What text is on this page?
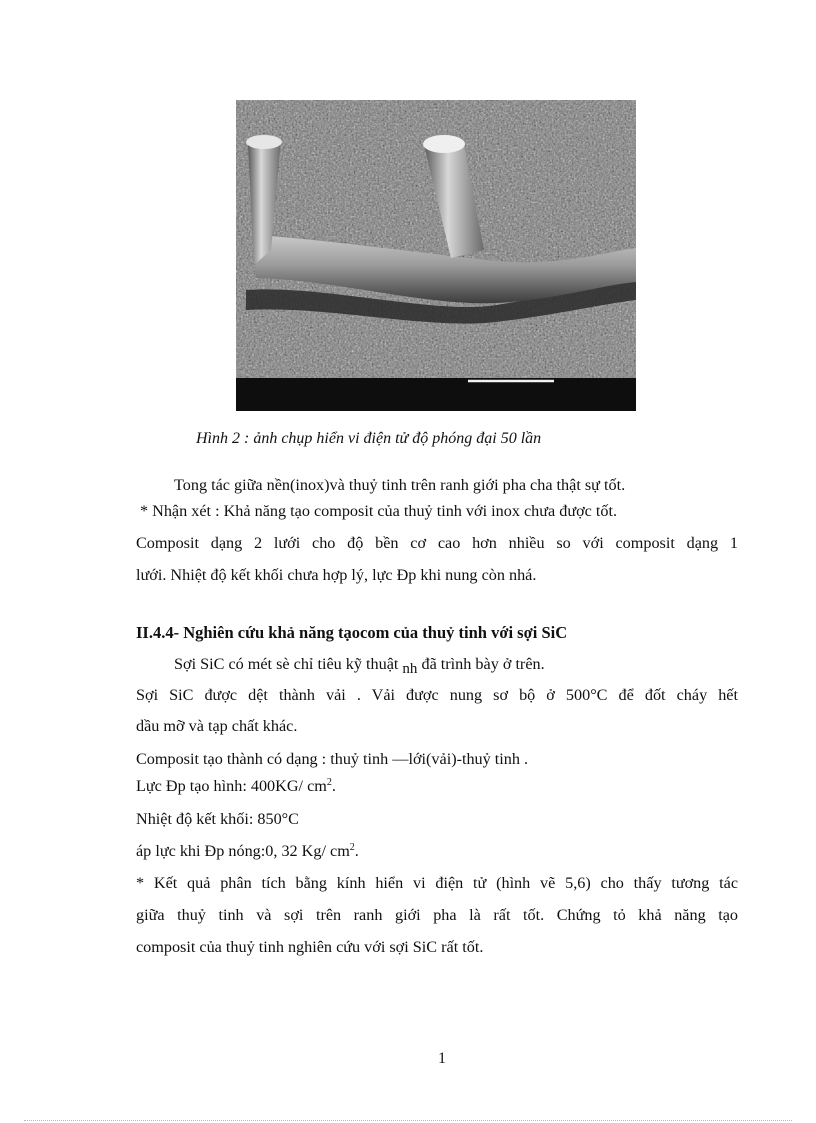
Hình 2 : ảnh chụp hiển vi điện tử độ phóng đại 50 lần
Tong tác giữa nền(inox)và thuỷ tinh trên ranh giới pha cha thật sự tốt.
* Nhận xét : Khả năng tạo composit của thuỷ tinh với inox chưa được tốt.
Composit dạng 2 lưới cho độ bền cơ cao hơn nhiều so với composit dạng 1
lưới. Nhiệt độ kết khối chưa hợp lý, lực Ðp khi nung còn nhá.
II.4.4- Nghiên cứu khả năng tạocom của thuỷ tinh với sợi SiC
Sợi SiC có mét sè chỉ tiêu kỹ thuật nh đã trình bày ở trên.
Sợi SiC được dệt thành vải . Vải được nung sơ bộ ở 500°C để đốt cháy hết
dầu mỡ và tạp chất khác.
Composit tạo thành có dạng : thuỷ tinh —lới(vải)-thuỷ tinh .
Lực Ðp tạo hình: 400KG/ $cm^2$.
Nhiệt độ kết khối: 850°C
áp lực khi Ðp nóng:0, 32 Kg/ $cm^2$.
* Kết quả phân tích bằng kính hiển vi điện tử (hình vẽ 5,6) cho thấy tương tác
giữa thuỷ tinh và sợi trên ranh giới pha là rất tốt. Chứng tỏ khả năng tạo
composit của thuỷ tinh nghiên cứu với sợi SiC rất tốt.
1
